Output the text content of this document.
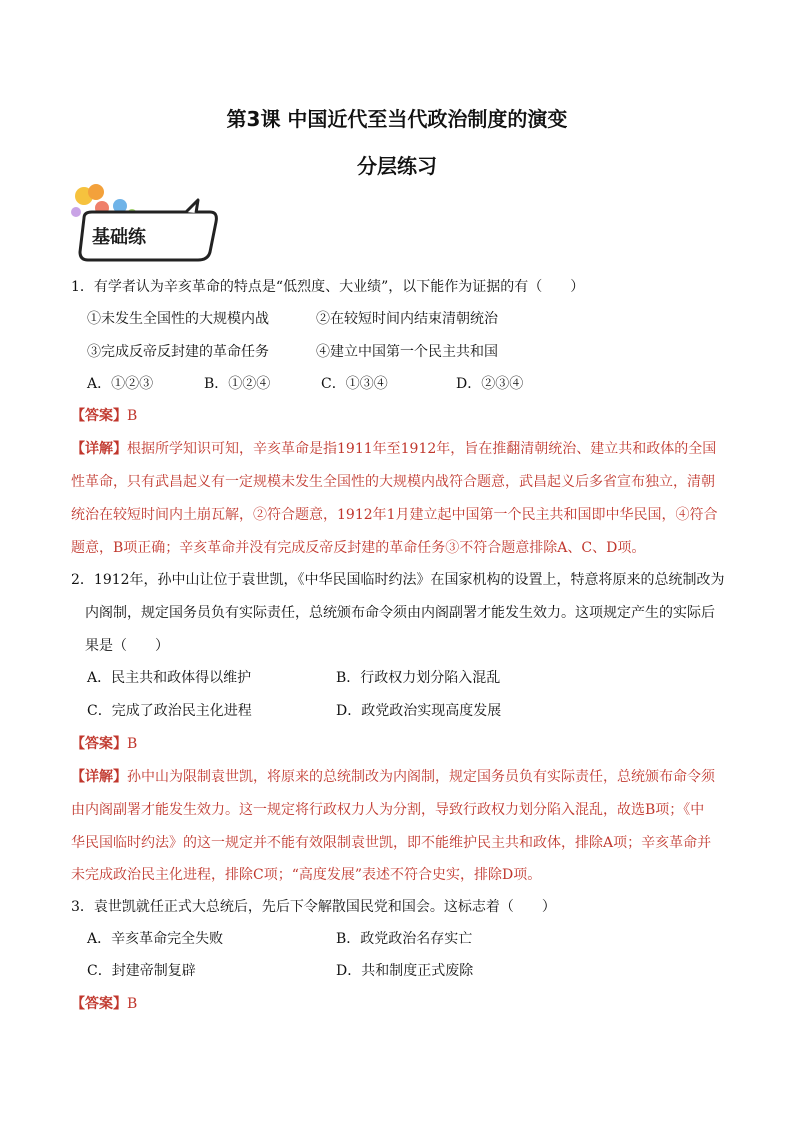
第3课 中国近代至当代政治制度的演变
分层练习
基础练
1．有学者认为辛亥革命的特点是“低烈度、大业绩”，以下能作为证据的有（　　）
①未发生全国性的大规模内战	②在较短时间内结束清朝统治
③完成反帝反封建的革命任务	④建立中国第一个民主共和国
A．①②③	B．①②④	C．①③④	D．②③④
【答案】B
【详解】根据所学知识可知，辛亥革命是指1911年至1912年，旨在推翻清朝统治、建立共和政体的全国
性革命，只有武昌起义有一定规模未发生全国性的大规模内战符合题意，武昌起义后多省宣布独立，清朝
统治在较短时间内土崩瓦解，②符合题意，1912年1月建立起中国第一个民主共和国即中华民国，④符合
题意，B项正确；辛亥革命并没有完成反帝反封建的革命任务③不符合题意排除A、C、D项。
2．1912年，孙中山让位于袁世凯，《中华民国临时约法》在国家机构的设置上，特意将原来的总统制改为
内阁制，规定国务员负有实际责任，总统颁布命令须由内阁副署才能发生效力。这项规定产生的实际后
果是（　　）
A．民主共和政体得以维护	B．行政权力划分陷入混乱
C．完成了政治民主化进程	D．政党政治实现高度发展
【答案】B
【详解】孙中山为限制袁世凯，将原来的总统制改为内阁制，规定国务员负有实际责任，总统颁布命令须
由内阁副署才能发生效力。这一规定将行政权力人为分割，导致行政权力划分陷入混乱，故选B项；《中
华民国临时约法》的这一规定并不能有效限制袁世凯，即不能维护民主共和政体，排除A项；辛亥革命并
未完成政治民主化进程，排除C项；“高度发展”表述不符合史实，排除D项。
3．袁世凯就任正式大总统后，先后下令解散国民党和国会。这标志着（　　）
A．辛亥革命完全失败	B．政党政治名存实亡
C．封建帝制复辟	D．共和制度正式废除
【答案】B
